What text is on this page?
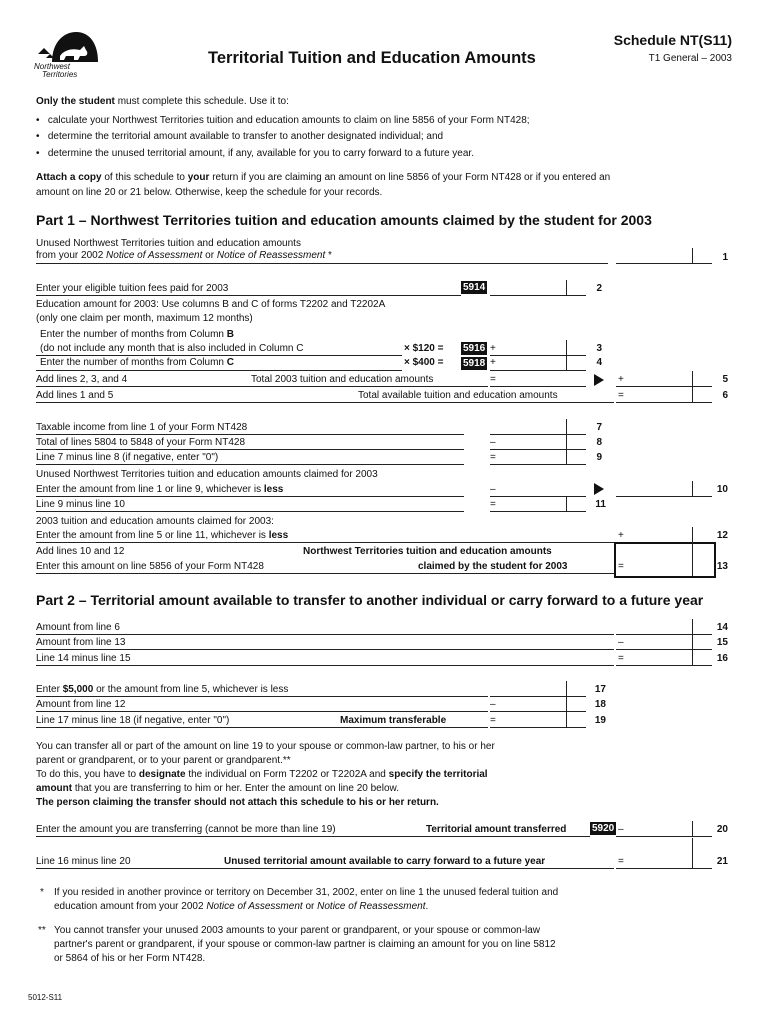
Northwest
Territories
Territorial Tuition and Education Amounts
Schedule NT(S11)
T1 General – 2003
Only the student must complete this schedule. Use it to:
•   calculate your Northwest Territories tuition and education amounts to claim on line 5856 of your Form NT428;
•   determine the territorial amount available to transfer to another designated individual; and
•   determine the unused territorial amount, if any, available for you to carry forward to a future year.
Attach a copy of this schedule to your return if you are claiming an amount on line 5856 of your Form NT428 or if you entered an
amount on line 20 or 21 below. Otherwise, keep the schedule for your records.
Part 1 – Northwest Territories tuition and education amounts claimed by the student for 2003
Unused Northwest Territories tuition and education amounts
from your 2002 Notice of Assessment or Notice of Reassessment *	1
Enter your eligible tuition fees paid for 2003	5914	2
Education amount for 2003: Use columns B and C of forms T2202 and T2202A
(only one claim per month, maximum 12 months)
Enter the number of months from Column B
(do not include any month that is also included in Column C	× $120 = 5916 +	3
Enter the number of months from Column C	× $400 = 5918 +	4
Add lines 2, 3, and 4	Total 2003 tuition and education amounts	=	+	5
Add lines 1 and 5	Total available tuition and education amounts	=	6
Taxable income from line 1 of your Form NT428	7
Total of lines 5804 to 5848 of your Form NT428	–	8
Line 7 minus line 8 (if negative, enter "0")	=	9
Unused Northwest Territories tuition and education amounts claimed for 2003
Enter the amount from line 1 or line 9, whichever is less	–	10
Line 9 minus line 10	=	11
2003 tuition and education amounts claimed for 2003:
Enter the amount from line 5 or line 11, whichever is less	+	12
Add lines 10 and 12
Enter this amount on line 5856 of your Form NT428
Northwest Territories tuition and education amounts
claimed by the student for 2003	=	13
Part 2 – Territorial amount available to transfer to another individual or carry forward to a future year
Amount from line 6	14
Amount from line 13	–	15
Line 14 minus line 15	=	16
Enter $5,000 or the amount from line 5, whichever is less	17
Amount from line 12	–	18
Line 17 minus line 18 (if negative, enter "0")	Maximum transferable	=	19
You can transfer all or part of the amount on line 19 to your spouse or common-law partner, to his or her
parent or grandparent, or to your parent or grandparent.**
To do this, you have to designate the individual on Form T2202 or T2202A and specify the territorial
amount that you are transferring to him or her. Enter the amount on line 20 below.
The person claiming the transfer should not attach this schedule to his or her return.
Enter the amount you are transferring (cannot be more than line 19)	Territorial amount transferred	5920 –	20
Line 16 minus line 20	Unused territorial amount available to carry forward to a future year	=	21
* If you resided in another province or territory on December 31, 2002, enter on line 1 the unused federal tuition and
education amount from your 2002 Notice of Assessment or Notice of Reassessment.
** You cannot transfer your unused 2003 amounts to your parent or grandparent, or your spouse or common-law
partner's parent or grandparent, if your spouse or common-law partner is claiming an amount for you on line 5812
or 5864 of his or her Form NT428.
5012-S11
